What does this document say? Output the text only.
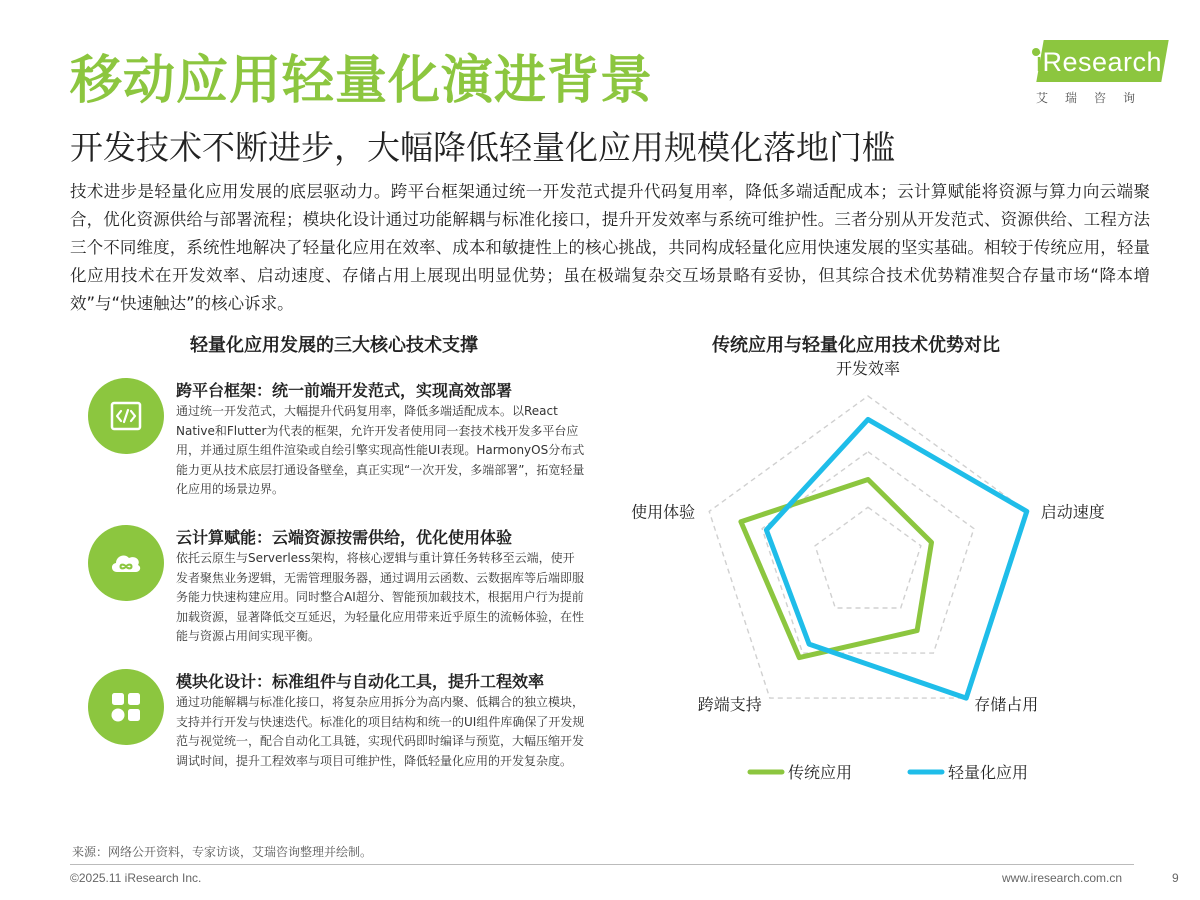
移动应用轻量化演进背景
开发技术不断进步，大幅降低轻量化应用规模化落地门槛
技术进步是轻量化应用发展的底层驱动力。跨平台框架通过统一开发范式提升代码复用率，降低多端适配成本；云计算赋能将资源与算力向云端聚合，优化资源供给与部署流程；模块化设计通过功能解耦与标准化接口，提升开发效率与系统可维护性。三者分别从开发范式、资源供给、工程方法三个不同维度，系统性地解决了轻量化应用在效率、成本和敏捷性上的核心挑战，共同构成轻量化应用快速发展的坚实基础。相较于传统应用，轻量化应用技术在开发效率、启动速度、存储占用上展现出明显优势；虽在极端复杂交互场景略有妥协，但其综合技术优势精准契合存量市场“降本增效”与“快速触达”的核心诉求。
iResearch
艾瑞咨询
轻量化应用发展的三大核心技术支撑	传统应用与轻量化应用技术优势对比
跨平台框架：统一前端开发范式，实现高效部署
通过统一开发范式，大幅提升代码复用率，降低多端适配成本。以React Native和Flutter为代表的框架，允许开发者使用同一套技术栈开发多平台应用，并通过原生组件渲染或自绘引擎实现高性能UI表现。HarmonyOS分布式能力更从技术底层打通设备壁垒，真正实现“一次开发，多端部署”，拓宽轻量化应用的场景边界。
云计算赋能：云端资源按需供给，优化使用体验
依托云原生与Serverless架构，将核心逻辑与重计算任务转移至云端，使开发者聚焦业务逻辑，无需管理服务器，通过调用云函数、云数据库等后端即服务能力快速构建应用。同时整合AI超分、智能预加载技术，根据用户行为提前加载资源，显著降低交互延迟，为轻量化应用带来近乎原生的流畅体验，在性能与资源占用间实现平衡。
模块化设计：标准组件与自动化工具，提升工程效率
通过功能解耦与标准化接口，将复杂应用拆分为高内聚、低耦合的独立模块，支持并行开发与快速迭代。标准化的项目结构和统一的UI组件库确保了开发规范与视觉统一，配合自动化工具链，实现代码即时编译与预览，大幅压缩开发调试时间，提升工程效率与项目可维护性，降低轻量化应用的开发复杂度。
开发效率
启动速度
存储占用
跨端支持
使用体验
传统应用	轻量化应用
来源：网络公开资料，专家访谈，艾瑞咨询整理并绘制。
©2025.11 iResearch Inc.	www.iresearch.com.cn	9
